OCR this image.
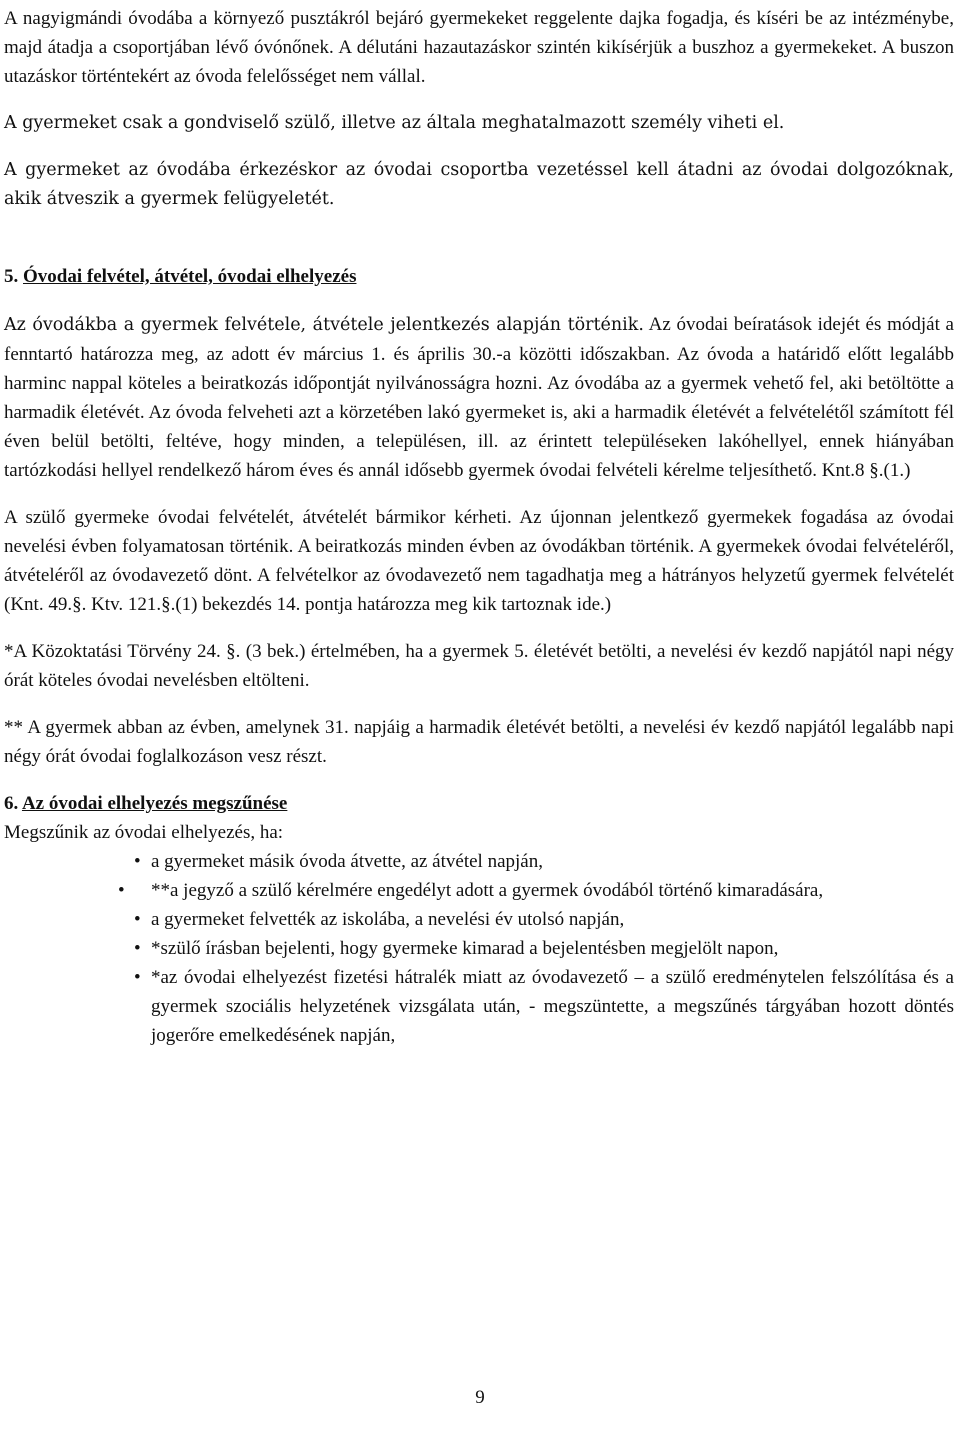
A nagyigmándi óvodába a környező pusztákról bejáró gyermekeket reggelente dajka fogadja, és kíséri be az intézménybe, majd átadja a csoportjában lévő óvónőnek. A délutáni hazautazáskor szintén kikísérjük a buszhoz a gyermekeket. A buszon utazáskor történtekért az óvoda felelősséget nem vállal.

A gyermeket csak a gondviselő szülő, illetve az általa meghatalmazott személy viheti el.

A gyermeket az óvodába érkezéskor az óvodai csoportba vezetéssel kell átadni az óvodai dolgozóknak, akik átveszik a gyermek felügyeletét.

5. Óvodai felvétel, átvétel, óvodai elhelyezés

Az óvodákba a gyermek felvétele, átvétele jelentkezés alapján történik. Az óvodai beíratások idejét és módját a fenntartó határozza meg, az adott év március 1. és április 30.-a közötti időszakban. Az óvoda a határidő előtt legalább harminc nappal köteles a beiratkozás időpontját nyilvánosságra hozni. Az óvodába az a gyermek vehető fel, aki betöltötte a harmadik életévét. Az óvoda felveheti azt a körzetében lakó gyermeket is, aki a harmadik életévét a felvételétől számított fél éven belül betölti, feltéve, hogy minden, a településen, ill. az érintett településeken lakóhellyel, ennek hiányában tartózkodási hellyel rendelkező három éves és annál idősebb gyermek óvodai felvételi kérelme teljesíthető. Knt.8 §.(1.)

A szülő gyermeke óvodai felvételét, átvételét bármikor kérheti. Az újonnan jelentkező gyermekek fogadása az óvodai nevelési évben folyamatosan történik. A beiratkozás minden évben az óvodákban történik. A gyermekek óvodai felvételéről, átvételéről az óvodavezető dönt. A felvételkor az óvodavezető nem tagadhatja meg a hátrányos helyzetű gyermek felvételét (Knt. 49.§. Ktv. 121.§.(1) bekezdés 14. pontja határozza meg kik tartoznak ide.)

*A Közoktatási Törvény 24. §. (3 bek.) értelmében, ha a gyermek 5. életévét betölti, a nevelési év kezdő napjától napi négy órát köteles óvodai nevelésben eltölteni.

** A gyermek abban az évben, amelynek 31. napjáig a harmadik életévét betölti, a nevelési év kezdő napjától legalább napi négy órát óvodai foglalkozáson vesz részt.

6. Az óvodai elhelyezés megszűnése

Megszűnik az óvodai elhelyezés, ha:

• a gyermeket másik óvoda átvette, az átvétel napján,
• **a jegyző a szülő kérelmére engedélyt adott a gyermek óvodából történő kimaradására,
• a gyermeket felvették az iskolába, a nevelési év utolsó napján,
• *szülő írásban bejelenti, hogy gyermeke kimarad a bejelentésben megjelölt napon,
• *az óvodai elhelyezést fizetési hátralék miatt az óvodavezető – a szülő eredménytelen felszólítása és a gyermek szociális helyzetének vizsgálata után, - megszüntette, a megszűnés tárgyában hozott döntés jogerőre emelkedésének napján,
9
